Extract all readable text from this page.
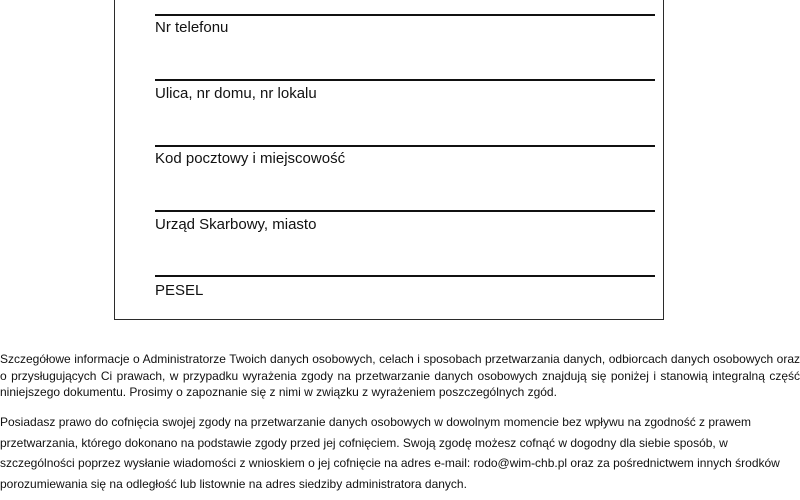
Nr telefonu
Ulica, nr domu, nr lokalu
Kod pocztowy i miejscowość
Urząd Skarbowy, miasto
PESEL

Szczegółowe informacje o Administratorze Twoich danych osobowych, celach i sposobach przetwarzania danych, odbiorcach danych osobowych oraz o przysługujących Ci prawach, w przypadku wyrażenia zgody na przetwarzanie danych osobowych znajdują się poniżej i stanowią integralną część niniejszego dokumentu. Prosimy o zapoznanie się z nimi w związku z wyrażeniem poszczególnych zgód.

Posiadasz prawo do cofnięcia swojej zgody na przetwarzanie danych osobowych w dowolnym momencie bez wpływu na zgodność z prawem przetwarzania, którego dokonano na podstawie zgody przed jej cofnięciem. Swoją zgodę możesz cofnąć w dogodny dla siebie sposób, w szczególności poprzez wysłanie wiadomości z wnioskiem o jej cofnięcie na adres e-mail: rodo@wim-chb.pl oraz za pośrednictwem innych środków porozumiewania się na odległość lub listownie na adres siedziby administratora danych.
